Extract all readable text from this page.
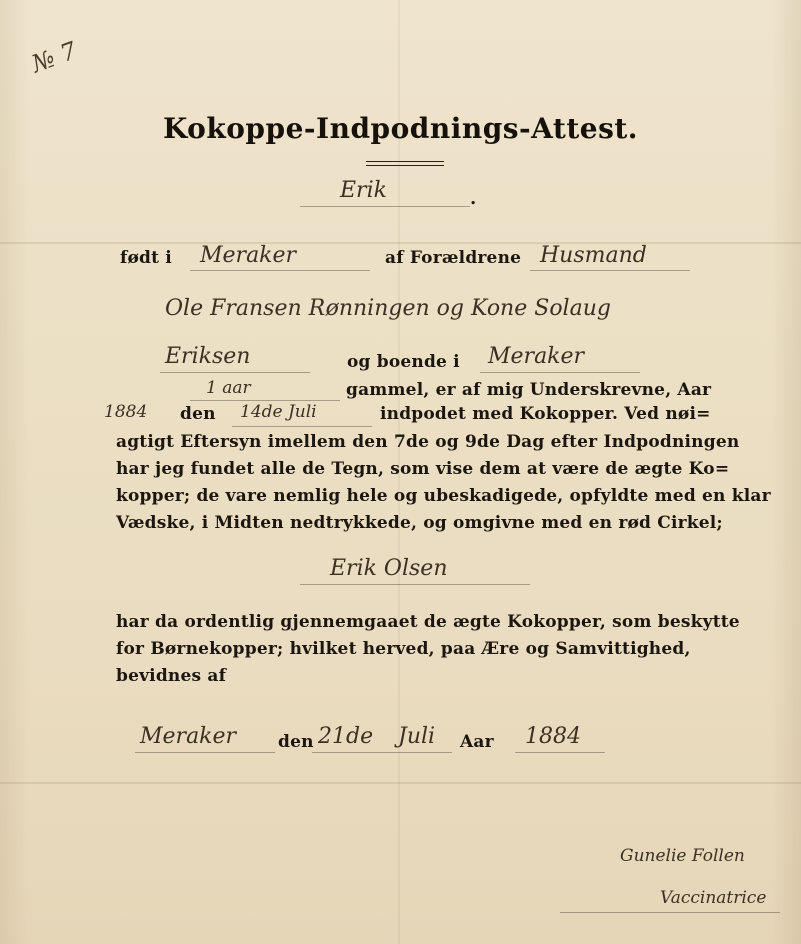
№ 7
Kokoppe-Indpodnings-Attest.
Erik	.
født i Meraker	af Forældrene Husmand
Ole Fransen Rønningen og Kone Solaug
Eriksen	og boende i Meraker
1 aar	gammel, er af mig Underskrevne, Aar
1884 den 14de Juli	indpodet med Kokopper. Ved nøi=
agtigt Eftersyn imellem den 7de og 9de Dag efter Indpodningen
har jeg fundet alle de Tegn, som vise dem at være de ægte Ko=
kopper; de vare nemlig hele og ubeskadigede, opfyldte med en klar
Vædske, i Midten nedtrykkede, og omgivne med en rød Cirkel;
Erik Olsen
har da ordentlig gjennemgaaet de ægte Kokopper, som beskytte
for Børnekopper; hvilket herved, paa Ære og Samvittighed,
bevidnes af
Meraker den 21de Juli Aar 1884
Gunelie Follen
Vaccinatrice
